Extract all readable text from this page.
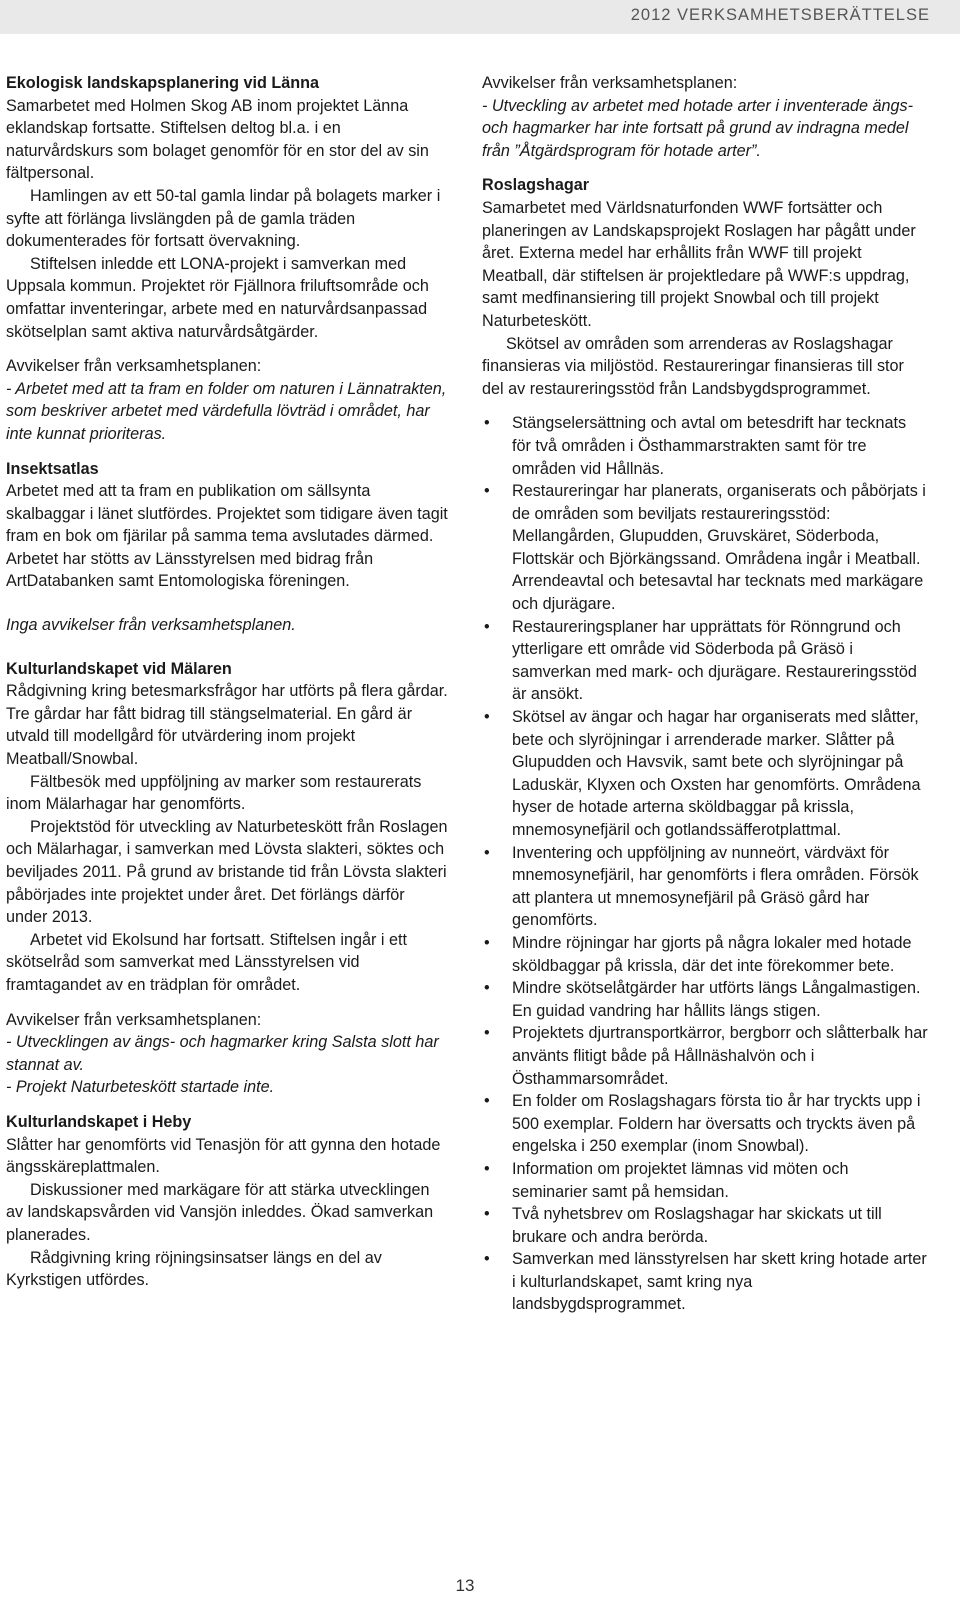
2012 VERKSAMHETSBERÄTTELSE

Ekologisk landskapsplanering vid Länna

Samarbetet med Holmen Skog AB inom projektet Länna eklandskap fortsatte. Stiftelsen deltog bl.a. i en naturvårdskurs som bolaget genomför för en stor del av sin fältpersonal.

Hamlingen av ett 50-tal gamla lindar på bolagets marker i syfte att förlänga livslängden på de gamla träden dokumenterades för fortsatt övervakning.

Stiftelsen inledde ett LONA-projekt i samverkan med Uppsala kommun. Projektet rör Fjällnora friluftsområde och omfattar inventeringar, arbete med en naturvårdsanpassad skötselplan samt aktiva naturvårdsåtgärder.

Avvikelser från verksamhetsplanen:

- Arbetet med att ta fram en folder om naturen i Lännatrakten, som beskriver arbetet med värdefulla lövträd i området, har inte kunnat prioriteras.

Insektsatlas

Arbetet med att ta fram en publikation om sällsynta skalbaggar i länet slutfördes. Projektet som tidigare även tagit fram en bok om fjärilar på samma tema avslutades därmed. Arbetet har stötts av Länsstyrelsen med bidrag från ArtDatabanken samt Entomologiska föreningen.

Inga avvikelser från verksamhetsplanen.

Kulturlandskapet vid Mälaren

Rådgivning kring betesmarksfrågor har utförts på flera gårdar. Tre gårdar har fått bidrag till stängselmaterial. En gård är utvald till modellgård för utvärdering inom projekt Meatball/Snowbal.

Fältbesök med uppföljning av marker som restaurerats inom Mälarhagar har genomförts.

Projektstöd för utveckling av Naturbeteskött från Roslagen och Mälarhagar, i samverkan med Lövsta slakteri, söktes och beviljades 2011. På grund av bristande tid från Lövsta slakteri påbörjades inte projektet under året. Det förlängs därför under 2013.

Arbetet vid Ekolsund har fortsatt. Stiftelsen ingår i ett skötselråd som samverkat med Länsstyrelsen vid framtagandet av en trädplan för området.

Avvikelser från verksamhetsplanen:

- Utvecklingen av ängs- och hagmarker kring Salsta slott har stannat av.

- Projekt Naturbeteskött startade inte.

Kulturlandskapet i Heby

Slåtter har genomförts vid Tenasjön för att gynna den hotade ängsskäreplattmalen.

Diskussioner med markägare för att stärka utvecklingen av landskapsvården vid Vansjön inleddes. Ökad samverkan planerades.

Rådgivning kring röjningsinsatser längs en del av Kyrkstigen utfördes.

Avvikelser från verksamhetsplanen:

- Utveckling av arbetet med hotade arter i inventerade ängs- och hagmarker har inte fortsatt på grund av indragna medel från ”Åtgärdsprogram för hotade arter”.

Roslagshagar

Samarbetet med Världsnaturfonden WWF fortsätter och planeringen av Landskapsprojekt Roslagen har pågått under året. Externa medel har erhållits från WWF till projekt Meatball, där stiftelsen är projektledare på WWF:s uppdrag, samt medfinansiering till projekt Snowbal och till projekt Naturbeteskött.

Skötsel av områden som arrenderas av Roslagshagar finansieras via miljöstöd. Restaureringar finansieras till stor del av restaureringsstöd från Landsbygdsprogrammet.

• Stängselersättning och avtal om betesdrift har tecknats för två områden i Östhammarstrakten samt för tre områden vid Hållnäs.
• Restaureringar har planerats, organiserats och påbörjats i de områden som beviljats restaureringsstöd: Mellangården, Glupudden, Gruvskäret, Söderboda, Flottskär och Björkängssand. Områdena ingår i Meatball. Arrendeavtal och betesavtal har tecknats med markägare och djurägare.
• Restaureringsplaner har upprättats för Rönngrund och ytterligare ett område vid Söderboda på Gräsö i samverkan med mark- och djurägare. Restaureringsstöd är ansökt.
• Skötsel av ängar och hagar har organiserats med slåtter, bete och slyröjningar i arrenderade marker. Slåtter på Glupudden och Havsvik, samt bete och slyröjningar på Laduskär, Klyxen och Oxsten har genomförts. Områdena hyser de hotade arterna sköldbaggar på krissla, mnemosynefjäril och gotlandssäfferotplattmal.
• Inventering och uppföljning av nunneört, värdväxt för mnemosynefjäril, har genomförts i flera områden. Försök att plantera ut mnemosynefjäril på Gräsö gård har genomförts.
• Mindre röjningar har gjorts på några lokaler med hotade sköldbaggar på krissla, där det inte förekommer bete.
• Mindre skötselåtgärder har utförts längs Långalmastigen. En guidad vandring har hållits längs stigen.
• Projektets djurtransportkärror, bergborr och slåtterbalk har använts flitigt både på Hållnäshalvön och i Östhammarsområdet.
• En folder om Roslagshagars första tio år har tryckts upp i 500 exemplar. Foldern har översatts och tryckts även på engelska i 250 exemplar (inom Snowbal).
• Information om projektet lämnas vid möten och seminarier samt på hemsidan.
• Två nyhetsbrev om Roslagshagar har skickats ut till brukare och andra berörda.
• Samverkan med länsstyrelsen har skett kring hotade arter i kulturlandskapet, samt kring nya landsbygdsprogrammet.
13
